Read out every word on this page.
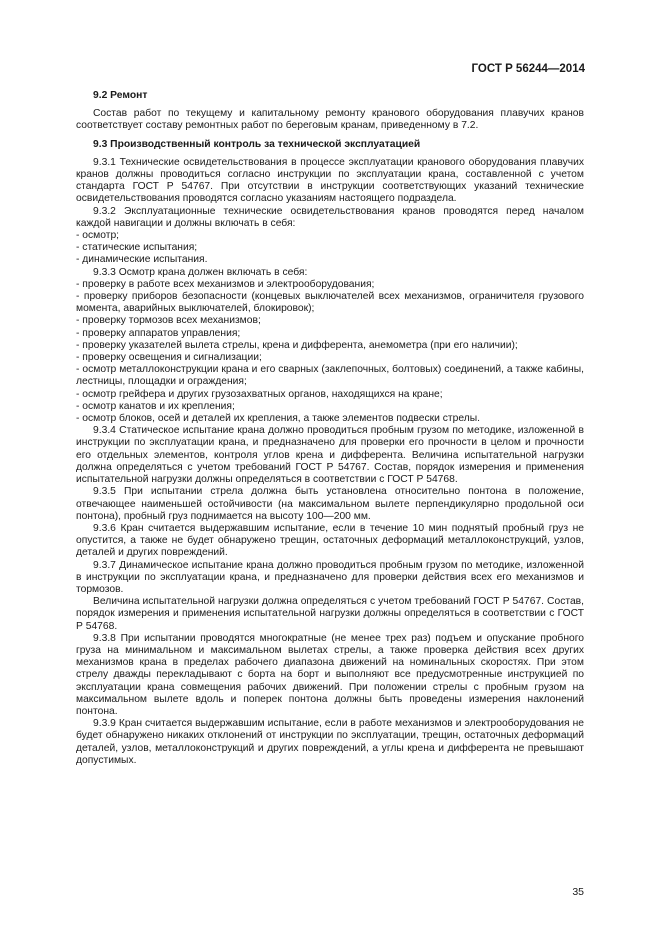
ГОСТ Р 56244—2014

9.2 Ремонт

Состав работ по текущему и капитальному ремонту кранового оборудования плавучих кранов соответствует составу ремонтных работ по береговым кранам, приведенному в 7.2.

9.3 Производственный контроль за технической эксплуатацией

9.3.1 Технические освидетельствования в процессе эксплуатации кранового оборудования плавучих кранов должны проводиться согласно инструкции по эксплуатации крана, составленной с учетом стандарта ГОСТ Р 54767. При отсутствии в инструкции соответствующих указаний технические освидетельствования проводятся согласно указаниям настоящего подраздела.

9.3.2 Эксплуатационные технические освидетельствования кранов проводятся перед началом каждой навигации и должны включать в себя:

- осмотр;

- статические испытания;

- динамические испытания.

9.3.3 Осмотр крана должен включать в себя:

- проверку в работе всех механизмов и электрооборудования;

- проверку приборов безопасности (концевых выключателей всех механизмов, ограничителя грузового момента, аварийных выключателей, блокировок);

- проверку тормозов всех механизмов;

- проверку аппаратов управления;

- проверку указателей вылета стрелы, крена и дифферента, анемометра (при его наличии);

- проверку освещения и сигнализации;

- осмотр металлоконструкции крана и его сварных (заклепочных, болтовых) соединений, а также кабины, лестницы, площадки и ограждения;

- осмотр грейфера и других грузозахватных органов, находящихся на кране;

- осмотр канатов и их крепления;

- осмотр блоков, осей и деталей их крепления, а также элементов подвески стрелы.

9.3.4 Статическое испытание крана должно проводиться пробным грузом по методике, изложенной в инструкции по эксплуатации крана, и предназначено для проверки его прочности в целом и прочности его отдельных элементов, контроля углов крена и дифферента. Величина испытательной нагрузки должна определяться с учетом требований ГОСТ Р 54767. Состав, порядок измерения и применения испытательной нагрузки должны определяться в соответствии с ГОСТ Р 54768.

9.3.5 При испытании стрела должна быть установлена относительно понтона в положение, отвечающее наименьшей остойчивости (на максимальном вылете перпендикулярно продольной оси понтона), пробный груз поднимается на высоту 100—200 мм.

9.3.6 Кран считается выдержавшим испытание, если в течение 10 мин поднятый пробный груз не опустится, а также не будет обнаружено трещин, остаточных деформаций металлоконструкций, узлов, деталей и других повреждений.

9.3.7 Динамическое испытание крана должно проводиться пробным грузом по методике, изложенной в инструкции по эксплуатации крана, и предназначено для проверки действия всех его механизмов и тормозов.

Величина испытательной нагрузки должна определяться с учетом требований ГОСТ Р 54767. Состав, порядок измерения и применения испытательной нагрузки должны определяться в соответствии с ГОСТ Р 54768.

9.3.8 При испытании проводятся многократные (не менее трех раз) подъем и опускание пробного груза на минимальном и максимальном вылетах стрелы, а также проверка действия всех других механизмов крана в пределах рабочего диапазона движений на номинальных скоростях. При этом стрелу дважды перекладывают с борта на борт и выполняют все предусмотренные инструкцией по эксплуатации крана совмещения рабочих движений. При положении стрелы с пробным грузом на максимальном вылете вдоль и поперек понтона должны быть проведены измерения наклонений понтона.

9.3.9 Кран считается выдержавшим испытание, если в работе механизмов и электрооборудования не будет обнаружено никаких отклонений от инструкции по эксплуатации, трещин, остаточных деформаций деталей, узлов, металлоконструкций и других повреждений, а углы крена и дифферента не превышают допустимых.

35
